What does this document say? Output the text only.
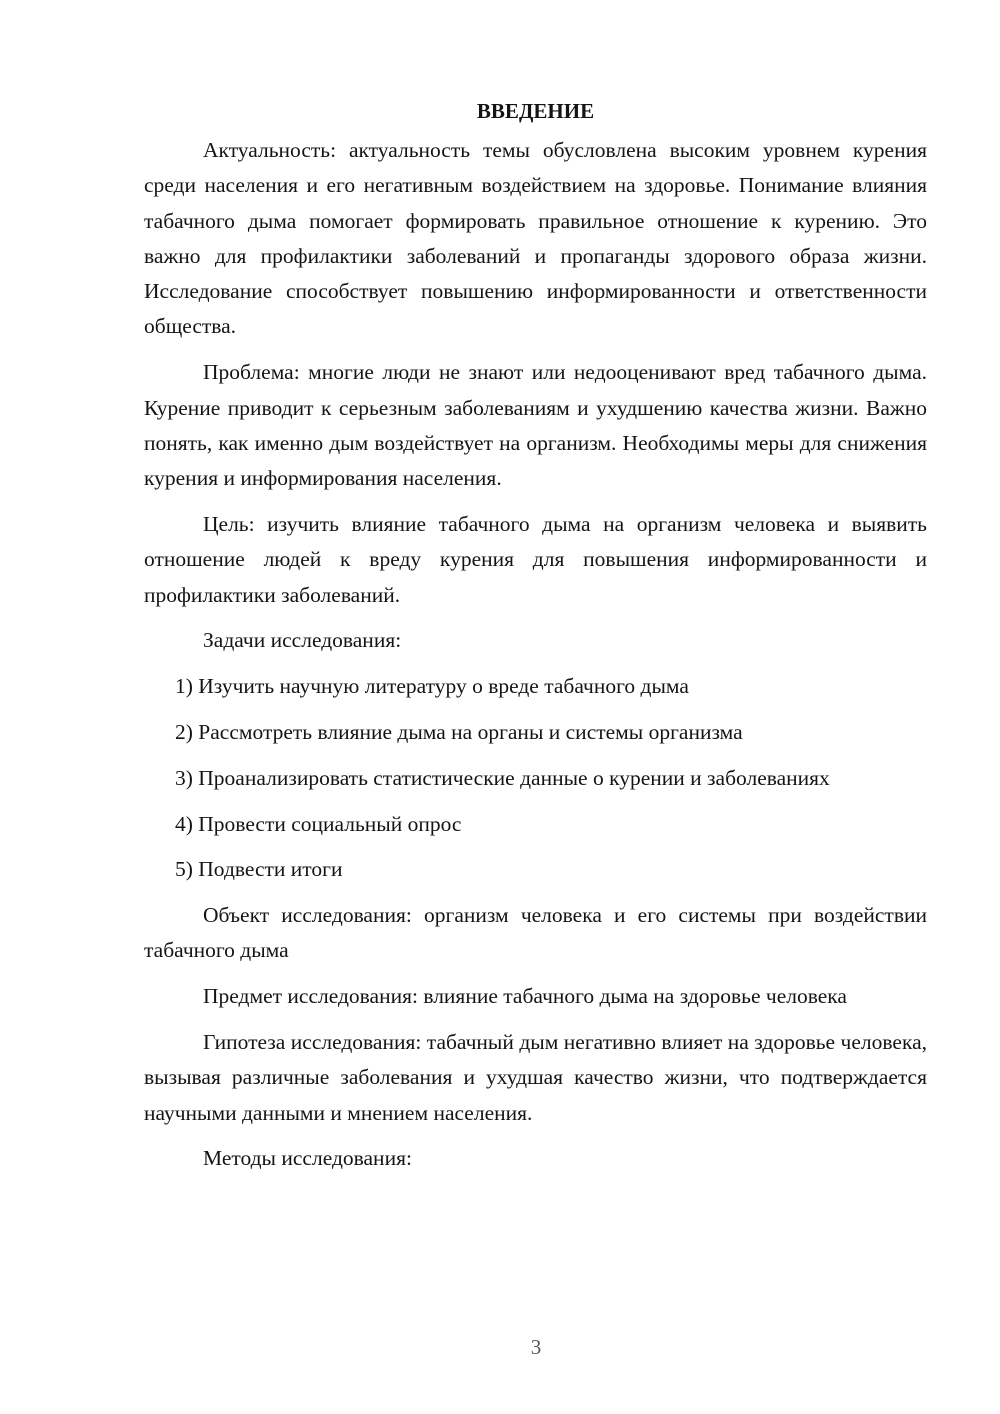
ВВЕДЕНИЕ

Актуальность: актуальность темы обусловлена высоким уровнем курения среди населения и его негативным воздействием на здоровье. Понимание влияния табачного дыма помогает формировать правильное отношение к курению. Это важно для профилактики заболеваний и пропаганды здорового образа жизни. Исследование способствует повышению информированности и ответственности общества.

Проблема: многие люди не знают или недооценивают вред табачного дыма. Курение приводит к серьезным заболеваниям и ухудшению качества жизни. Важно понять, как именно дым воздействует на организм. Необходимы меры для снижения курения и информирования населения.

Цель: изучить влияние табачного дыма на организм человека и выявить отношение людей к вреду курения для повышения информированности и профилактики заболеваний.

Задачи исследования:

1) Изучить научную литературу о вреде табачного дыма

2) Рассмотреть влияние дыма на органы и системы организма

3) Проанализировать статистические данные о курении и заболеваниях

4) Провести социальный опрос

5) Подвести итоги

Объект исследования: организм человека и его системы при воздействии табачного дыма

Предмет исследования: влияние табачного дыма на здоровье человека

Гипотеза исследования: табачный дым негативно влияет на здоровье человека, вызывая различные заболевания и ухудшая качество жизни, что подтверждается научными данными и мнением населения.

Методы исследования:

3
